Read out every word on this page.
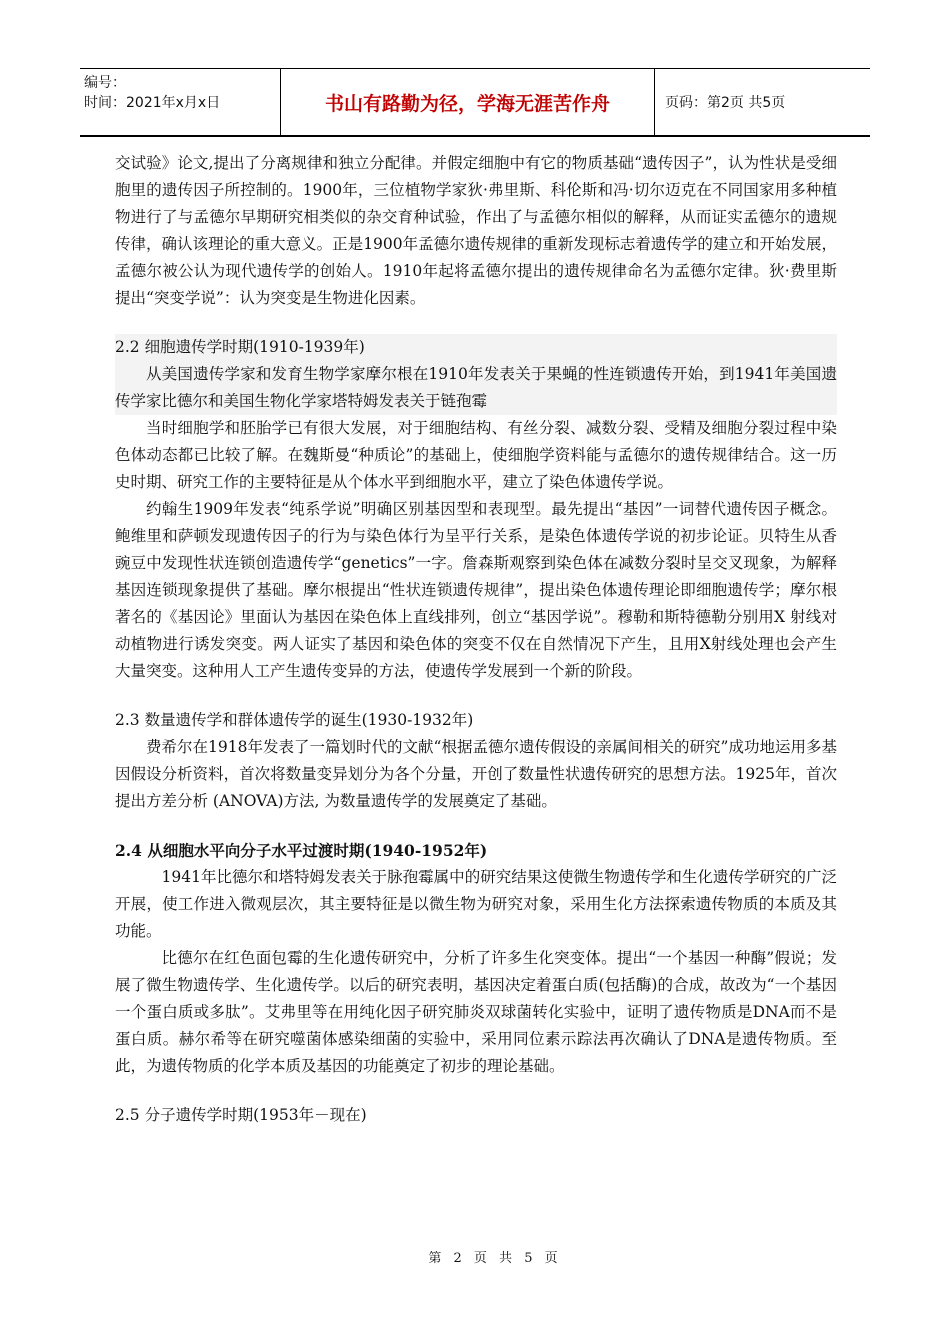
编号：
时间：2021年x月x日	书山有路勤为径，学海无涯苦作舟	页码：第2页 共5页

交试验》论文,提出了分离规律和独立分配律。并假定细胞中有它的物质基础“遗传因子”，认为性状是受细胞里的遗传因子所控制的。1900年，三位植物学家狄·弗里斯、科伦斯和冯·切尔迈克在不同国家用多种植物进行了与孟德尔早期研究相类似的杂交育种试验，作出了与孟德尔相似的解释，从而证实孟德尔的遗规传律，确认该理论的重大意义。正是1900年孟德尔遗传规律的重新发现标志着遗传学的建立和开始发展，孟德尔被公认为现代遗传学的创始人。1910年起将孟德尔提出的遗传规律命名为孟德尔定律。狄·费里斯提出“突变学说”：认为突变是生物进化因素。

2.2 细胞遗传学时期(1910-1939年)

从美国遗传学家和发育生物学家摩尔根在1910年发表关于果蝇的性连锁遗传开始，到1941年美国遗传学家比德尔和美国生物化学家塔特姆发表关于链孢霉

当时细胞学和胚胎学已有很大发展，对于细胞结构、有丝分裂、减数分裂、受精及细胞分裂过程中染色体动态都已比较了解。在魏斯曼“种质论”的基础上，使细胞学资料能与孟德尔的遗传规律结合。这一历史时期、研究工作的主要特征是从个体水平到细胞水平，建立了染色体遗传学说。

约翰生1909年发表“纯系学说”明确区别基因型和表现型。最先提出“基因”一词替代遗传因子概念。 鲍维里和萨顿发现遗传因子的行为与染色体行为呈平行关系，是染色体遗传学说的初步论证。贝特生从香豌豆中发现性状连锁创造遗传学“genetics”一字。詹森斯观察到染色体在减数分裂时呈交叉现象，为解释基因连锁现象提供了基础。摩尔根提出“性状连锁遗传规律”，提出染色体遗传理论即细胞遗传学；摩尔根著名的《基因论》里面认为基因在染色体上直线排列，创立“基因学说”。穆勒和斯特德勒分别用X 射线对动植物进行诱发突变。两人证实了基因和染色体的突变不仅在自然情况下产生，且用X射线处理也会产生大量突变。这种用人工产生遗传变异的方法，使遗传学发展到一个新的阶段。

2.3 数量遗传学和群体遗传学的诞生(1930-1932年)

费希尔在1918年发表了一篇划时代的文献“根据孟德尔遗传假设的亲属间相关的研究”成功地运用多基因假设分析资料，首次将数量变异划分为各个分量，开创了数量性状遗传研究的思想方法。1925年，首次提出方差分析 (ANOVA)方法, 为数量遗传学的发展奠定了基础。

2.4 从细胞水平向分子水平过渡时期(1940-1952年)

1941年比德尔和塔特姆发表关于脉孢霉属中的研究结果这使微生物遗传学和生化遗传学研究的广泛开展，使工作进入微观层次，其主要特征是以微生物为研究对象，采用生化方法探索遗传物质的本质及其功能。

比德尔在红色面包霉的生化遗传研究中，分析了许多生化突变体。提出“一个基因一种酶”假说；发展了微生物遗传学、生化遗传学。以后的研究表明，基因决定着蛋白质(包括酶)的合成，故改为“一个基因一个蛋白质或多肽”。艾弗里等在用纯化因子研究肺炎双球菌转化实验中，证明了遗传物质是DNA而不是蛋白质。赫尔希等在研究噬菌体感染细菌的实验中，采用同位素示踪法再次确认了DNA是遗传物质。至此，为遗传物质的化学本质及基因的功能奠定了初步的理论基础。

2.5 分子遗传学时期(1953年－现在)

第 2 页 共 5 页
